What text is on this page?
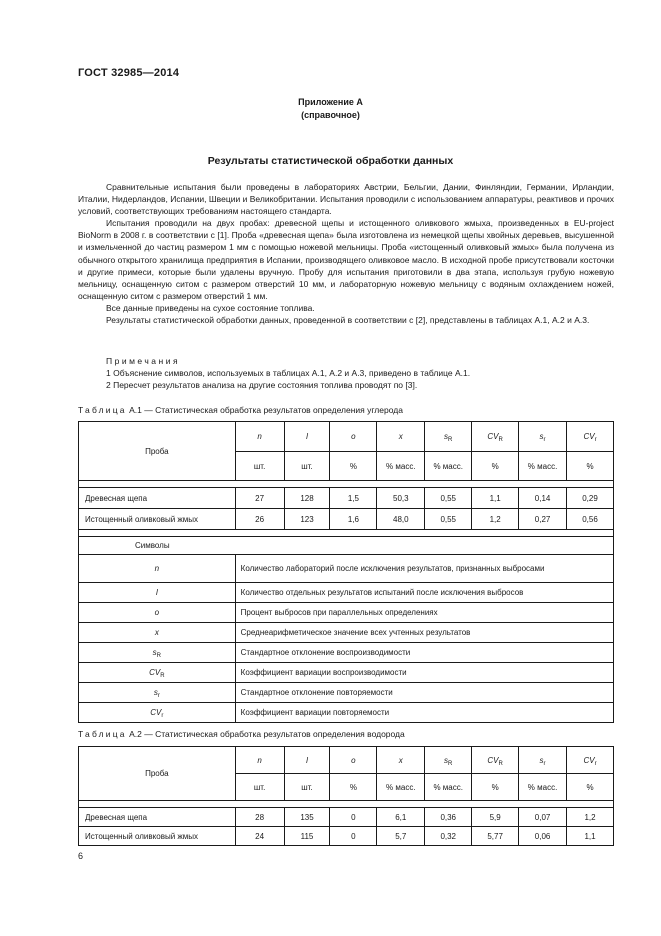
ГОСТ 32985—2014
Приложение А
(справочное)
Результаты статистической обработки данных

Сравнительные испытания были проведены в лабораториях Австрии, Бельгии, Дании, Финляндии, Германии, Ирландии, Италии, Нидерландов, Испании, Швеции и Великобритании. Испытания проводили с использованием аппаратуры, реактивов и прочих условий, соответствующих требованиям настоящего стандарта.

Испытания проводили на двух пробах: древесной щепы и истощенного оливкового жмыха, произведенных в EU-project BioNorm в 2008 г. в соответствии с [1]. Проба «древесная щепа» была изготовлена из немецкой щепы хвойных деревьев, высушенной и измельченной до частиц размером 1 мм с помощью ножевой мельницы. Проба «истощенный оливковый жмых» была получена из обычного открытого хранилища предприятия в Испании, производящего оливковое масло. В исходной пробе присутствовали косточки и другие примеси, которые были удалены вручную. Пробу для испытания приготовили в два этапа, используя грубую ножевую мельницу, оснащенную ситом с размером отверстий 10 мм, и лабораторную ножевую мельницу с водяным охлаждением ножей, оснащенную ситом с размером отверстий 1 мм.

Все данные приведены на сухое состояние топлива.

Результаты статистической обработки данных, проведенной в соответствии с [2], представлены в таблицах А.1, А.2 и А.3.

Примечания
1 Объяснение символов, используемых в таблицах А.1, А.2 и А.3, приведено в таблице А.1.
2 Пересчет результатов анализа на другие состояния топлива проводят по [3].
Таблица А.1 — Статистическая обработка результатов определения углерода
Проба	n	l	o	x	$s_R$	$CV_R$	$s_r$	$CV_r$
	шт.	шт.	%	% масс.	% масс.	%	% масс.	%

Древесная щепа	27	128	1,5	50,3	0,55	1,1	0,14	0,29
Истощенный оливковый жмых	26	123	1,6	48,0	0,55	1,2	0,27	0,56

Символы								
n	Количество лабораторий после исключения результатов, признанных выбросами							
l	Количество отдельных результатов испытаний после исключения выбросов							
o	Процент выбросов при параллельных определениях							
x	Среднеарифметическое значение всех учтенных результатов							
$s_R$	Стандартное отклонение воспроизводимости							
$CV_R$	Коэффициент вариации воспроизводимости							
$s_r$	Стандартное отклонение повторяемости							
$CV_r$	Коэффициент вариации повторяемости							
Таблица А.2 — Статистическая обработка результатов определения водорода
Проба	n	l	o	x	$s_R$	$CV_R$	$s_r$	$CV_r$
	шт.	шт.	%	% масс.	% масс.	%	% масс.	%

Древесная щепа	28	135	0	6,1	0,36	5,9	0,07	1,2
Истощенный оливковый жмых	24	115	0	5,7	0,32	5,77	0,06	1,1
6
